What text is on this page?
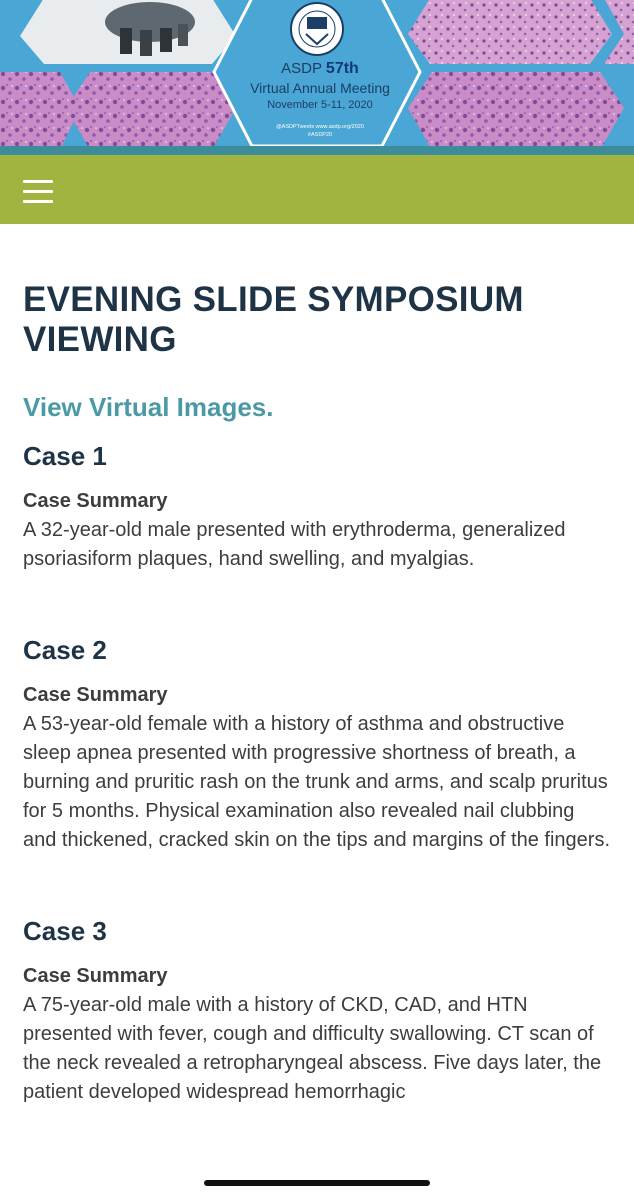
ASDP 57th
Virtual Annual Meeting
November 5-11, 2020
@ASDPTweets www.asdp.org/2020
#ASDP20
EVENING SLIDE SYMPOSIUM VIEWING
View Virtual Images.
Case 1
Case Summary

A 32-year-old male presented with erythroderma, generalized psoriasiform plaques, hand swelling, and myalgias.

Case 2
Case Summary

A 53-year-old female with a history of asthma and obstructive sleep apnea presented with progressive shortness of breath, a burning and pruritic rash on the trunk and arms, and scalp pruritus for 5 months. Physical examination also revealed nail clubbing and thickened, cracked skin on the tips and margins of the fingers.

Case 3
Case Summary

A 75-year-old male with a history of CKD, CAD, and HTN presented with fever, cough and difficulty swallowing. CT scan of the neck revealed a retropharyngeal abscess. Five days later, the patient developed widespread hemorrhagic
